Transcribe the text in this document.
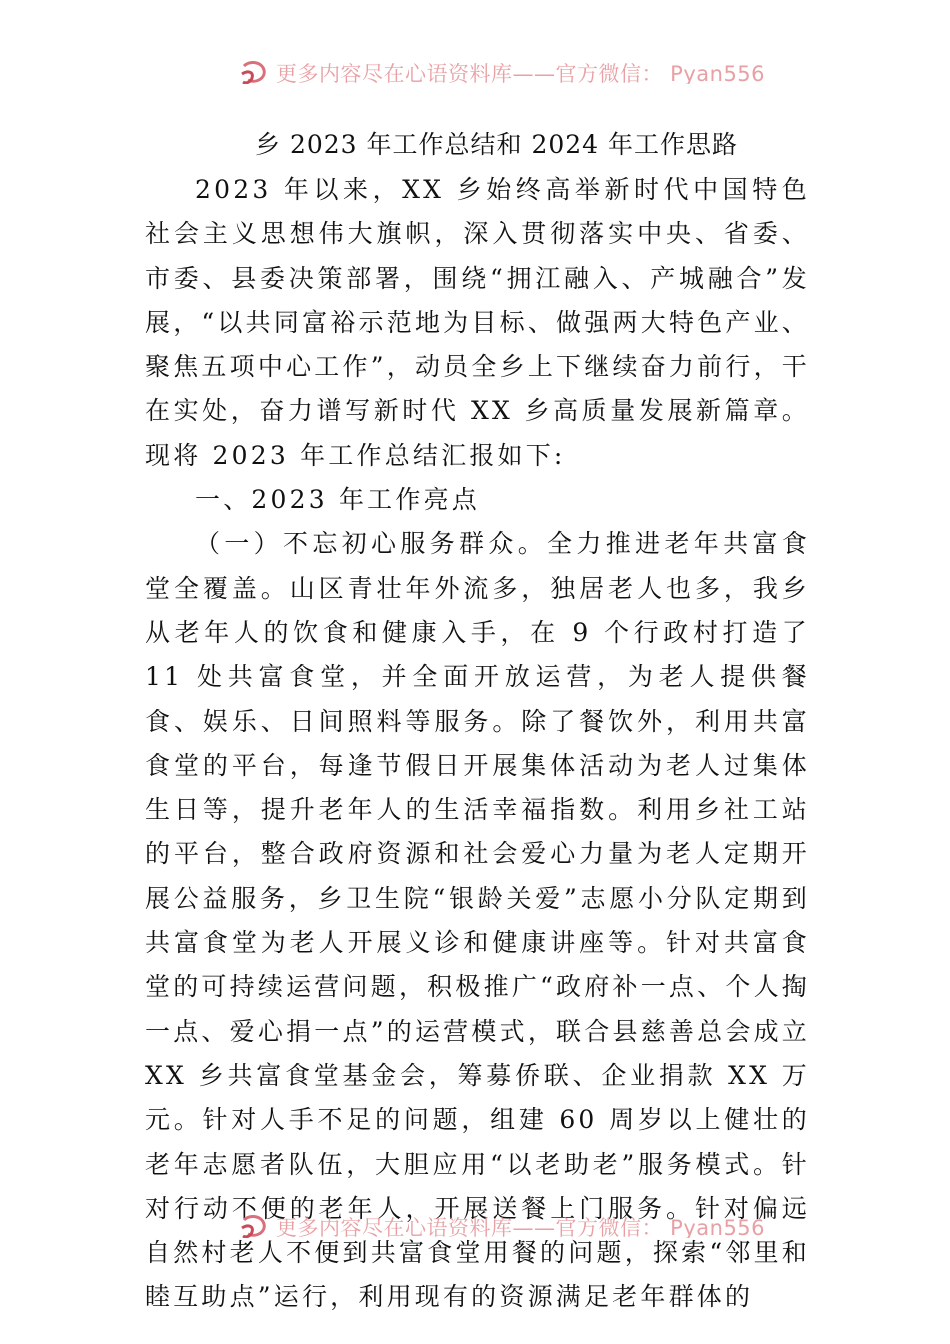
更多内容尽在心语资料库——官方微信： Pyan556
乡 2023 年工作总结和 2024 年工作思路

2023 年以来，XX 乡始终高举新时代中国特色社会主义思想伟大旗帜，深入贯彻落实中央、省委、市委、县委决策部署，围绕“拥江融入、产城融合”发展，“以共同富裕示范地为目标、做强两大特色产业、聚焦五项中心工作”，动员全乡上下继续奋力前行，干在实处，奋力谱写新时代 XX 乡高质量发展新篇章。现将 2023 年工作总结汇报如下:

一、2023 年工作亮点

（一）不忘初心服务群众。全力推进老年共富食堂全覆盖。山区青壮年外流多，独居老人也多，我乡从老年人的饮食和健康入手，在 9 个行政村打造了 11 处共富食堂，并全面开放运营，为老人提供餐食、娱乐、日间照料等服务。除了餐饮外，利用共富食堂的平台，每逢节假日开展集体活动为老人过集体生日等，提升老年人的生活幸福指数。利用乡社工站的平台，整合政府资源和社会爱心力量为老人定期开展公益服务，乡卫生院“银龄关爱”志愿小分队定期到共富食堂为老人开展义诊和健康讲座等。针对共富食堂的可持续运营问题，积极推广“政府补一点、个人掏一点、爱心捐一点”的运营模式，联合县慈善总会成立 XX 乡共富食堂基金会，筹募侨联、企业捐款 XX 万元。针对人手不足的问题，组建 60 周岁以上健壮的老年志愿者队伍，大胆应用“以老助老”服务模式。针对行动不便的老年人，开展送餐上门服务。针对偏远自然村老人不便到共富食堂用餐的问题，探索“邻里和睦互助点”运行，利用现有的资源满足老年群体的

更多内容尽在心语资料库——官方微信： Pyan556
